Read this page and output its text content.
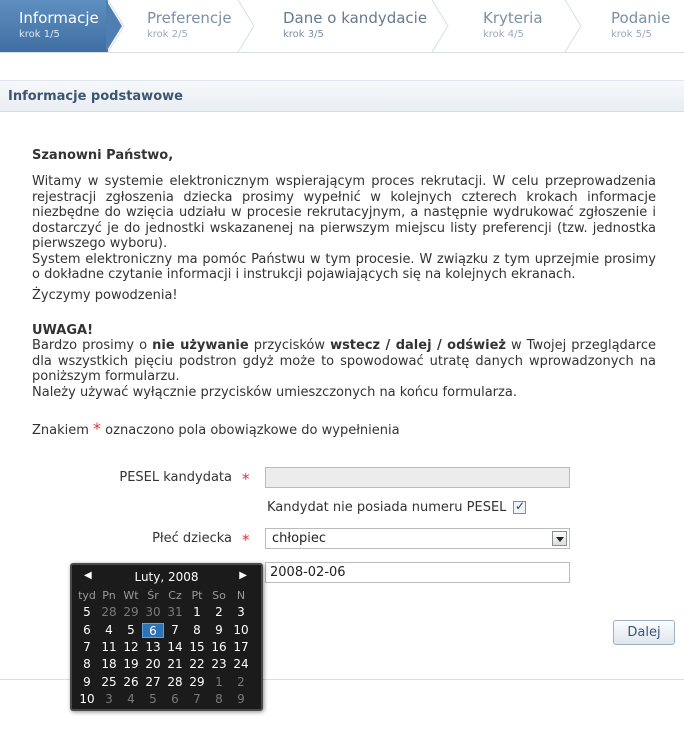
Informacje
krok 1/5
Preferencje
krok 2/5
Dane o kandydacie
krok 3/5
Kryteria
krok 4/5
Podanie
krok 5/5
Informacje podstawowe
Szanowni Państwo,
Witamy w systemie elektronicznym wspierającym proces rekrutacji. W celu przeprowadzenia rejestracji zgłoszenia dziecka prosimy wypełnić w kolejnych czterech krokach informacje niezbędne do wzięcia udziału w procesie rekrutacyjnym, a następnie wydrukować zgłoszenie i dostarczyć je do jednostki wskazanenej na pierwszym miejscu listy preferencji (tzw. jednostka pierwszego wyboru).
System elektroniczny ma pomóc Państwu w tym procesie. W związku z tym uprzejmie prosimy o dokładne czytanie informacji i instrukcji pojawiających się na kolejnych ekranach.
Życzymy powodzenia!
UWAGA!
Bardzo prosimy o nie używanie przycisków wstecz / dalej / odśwież w Twojej przeglądarce dla wszystkich pięciu podstron gdyż może to spowodować utratę danych wprowadzonych na poniższym formularzu.
Należy używać wyłącznie przycisków umieszczonych na końcu formularza.
Znakiem * oznaczono pola obowiązkowe do wypełnienia
PESEL kandydata *
Kandydat nie posiada numeru PESEL
✓
Płeć dziecka *	chłopiec
2008-02-06
Dalej
◀	Luty, 2008	▶
tyd Pn Wt Śr Cz Pt So	N
5 28 29 30 31 1	2	3
6	4	5	6	7	8	9 10
7 11 12 13 14 15 16 17
8 18 19 20 21 22 23 24
9 25 26 27 28 29 1	2
10 3	4	5	6	7	8	9
